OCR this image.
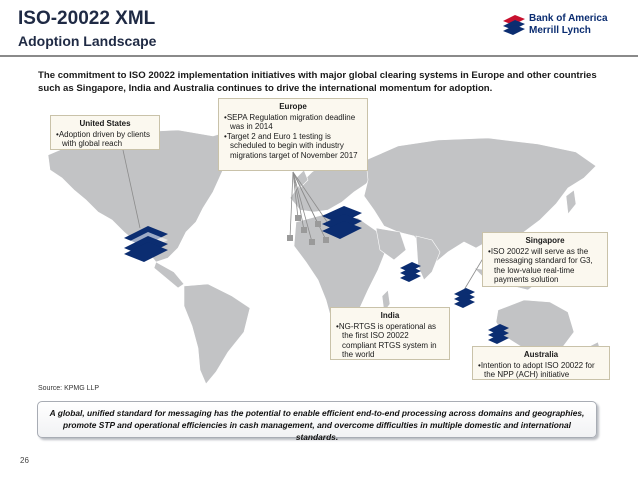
ISO-20022 XML
Adoption Landscape
Bank of America
Merrill Lynch
The commitment to ISO 20022 implementation initiatives with major global clearing systems in Europe and other countries such as Singapore, India and Australia continues to drive the international momentum for adoption.
United States
• Adoption driven by clients with global reach
Europe
• SEPA Regulation migration deadline was in 2014
• Target 2 and Euro 1 testing is scheduled to begin with industry migrations target of November 2017
Singapore
• ISO 20022 will serve as the messaging standard for G3, the low-value real-time payments solution
India
• NG-RTGS is operational as the first ISO 20022 compliant RTGS system in the world	Australia
• Intention to adopt ISO 20022 for the NPP (ACH) initiative
Source: KPMG LLP
A global, unified standard for messaging has the potential to enable efficient end-to-end processing across domains and geographies, promote STP and operational efficiencies in cash management, and overcome difficulties in multiple domestic and international standards.
26
